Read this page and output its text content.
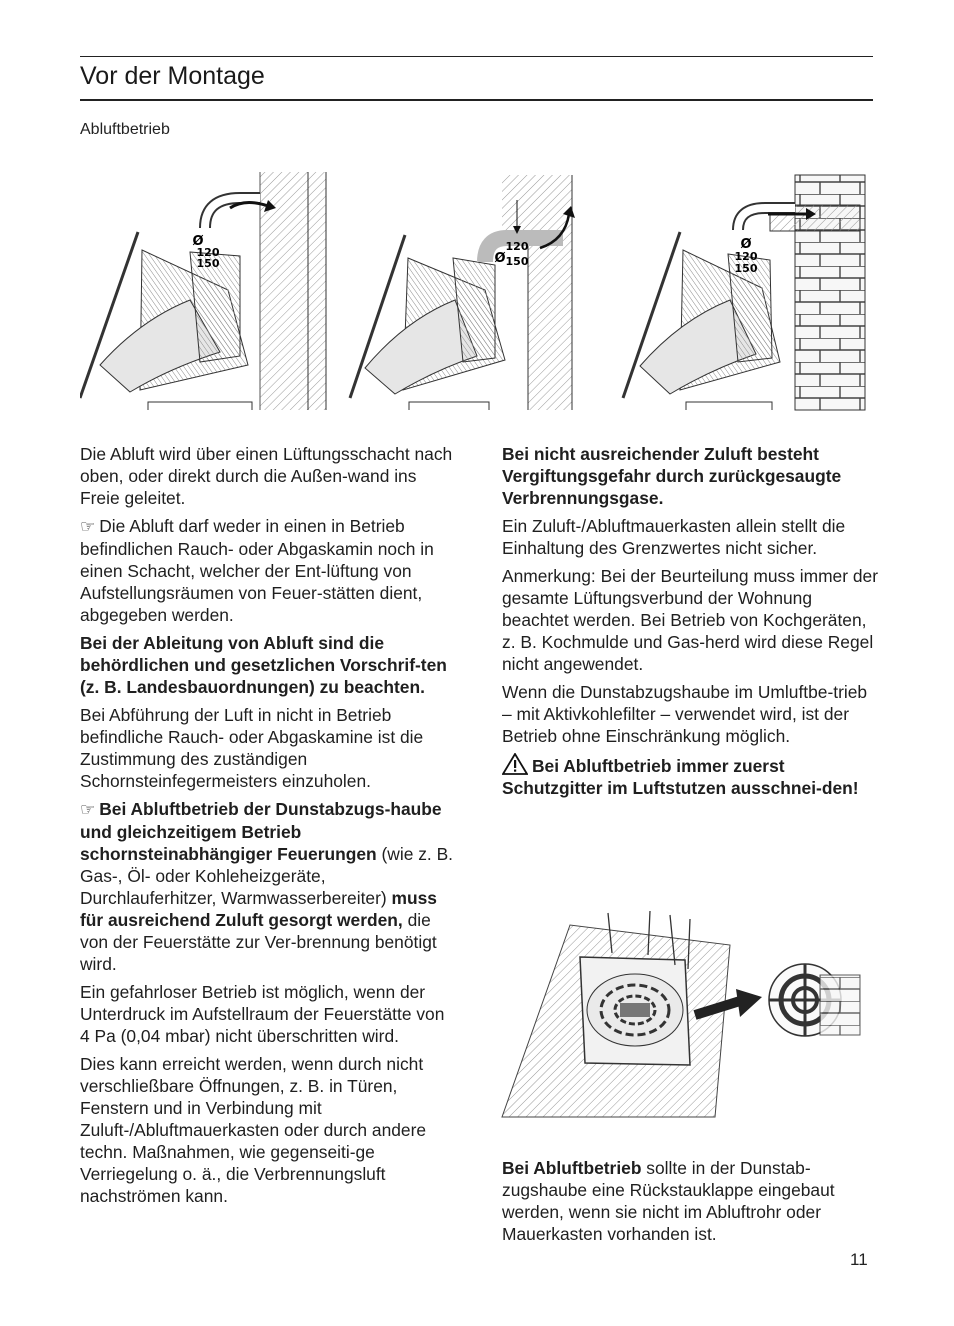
Vor der Montage
Abluftbetrieb
Ø
120
150	Ø
120
150
Ø
120
150

Die Abluft wird über einen Lüftungsschacht nach oben, oder direkt durch die Außen-wand ins Freie geleitet.

☞ Die Abluft darf weder in einen in Betrieb befindlichen Rauch- oder Abgaskamin noch in einen Schacht, welcher der Ent-lüftung von Aufstellungsräumen von Feuer-stätten dient, abgegeben werden.

Bei der Ableitung von Abluft sind die behördlichen und gesetzlichen Vorschrif-ten (z. B. Landesbauordnungen) zu beachten.

Bei Abführung der Luft in nicht in Betrieb befindliche Rauch- oder Abgaskamine ist die Zustimmung des zuständigen Schornsteinfegermeisters einzuholen.

☞ Bei Abluftbetrieb der Dunstabzugs-haube und gleichzeitigem Betrieb schornsteinabhängiger Feuerungen (wie z. B. Gas-, Öl- oder Kohleheizgeräte, Durchlauferhitzer, Warmwasserbereiter) muss für ausreichend Zuluft gesorgt werden, die von der Feuerstätte zur Ver-brennung benötigt wird.

Ein gefahrloser Betrieb ist möglich, wenn der Unterdruck im Aufstellraum der Feuerstätte von 4 Pa (0,04 mbar) nicht überschritten wird.

Dies kann erreicht werden, wenn durch nicht verschließbare Öffnungen, z. B. in Türen, Fenstern und in Verbindung mit Zuluft-/Abluftmauerkasten oder durch andere techn. Maßnahmen, wie gegenseiti-ge Verriegelung o. ä., die Verbrennungsluft nachströmen kann.

Bei nicht ausreichender Zuluft besteht Vergiftungsgefahr durch zurückgesaugte Verbrennungsgase.

Ein Zuluft-/Abluftmauerkasten allein stellt die Einhaltung des Grenzwertes nicht sicher.

Anmerkung: Bei der Beurteilung muss immer der gesamte Lüftungsverbund der Wohnung beachtet werden. Bei Betrieb von Kochgeräten, z. B. Kochmulde und Gas-herd wird diese Regel nicht angewendet.

Wenn die Dunstabzugshaube im Umluftbe-trieb – mit Aktivkohlefilter – verwendet wird, ist der Betrieb ohne Einschränkung möglich.

Bei Abluftbetrieb immer zuerst Schutzgitter im Luftstutzen ausschnei-den!

Bei Abluftbetrieb sollte in der Dunstab-zugshaube eine Rückstauklappe eingebaut werden, wenn sie nicht im Abluftrohr oder Mauerkasten vorhanden ist.

11
